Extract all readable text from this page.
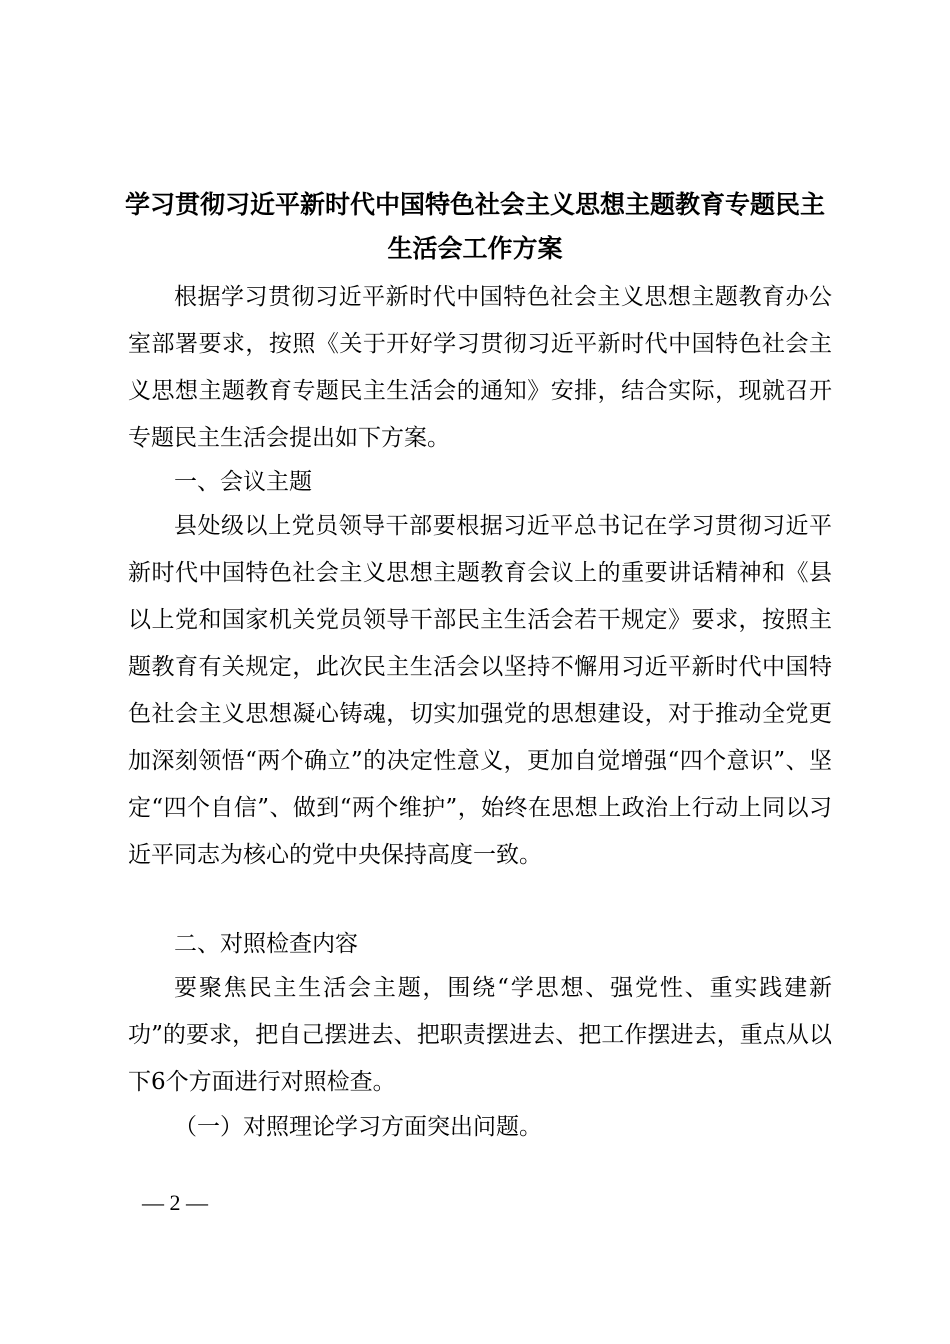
学习贯彻习近平新时代中国特色社会主义思想主题教育专题民主
生活会工作方案

根据学习贯彻习近平新时代中国特色社会主义思想主题教育办公室部署要求，按照《关于开好学习贯彻习近平新时代中国特色社会主义思想主题教育专题民主生活会的通知》安排，结合实际，现就召开专题民主生活会提出如下方案。

一、会议主题

县处级以上党员领导干部要根据习近平总书记在学习贯彻习近平新时代中国特色社会主义思想主题教育会议上的重要讲话精神和《县以上党和国家机关党员领导干部民主生活会若干规定》要求，按照主题教育有关规定，此次民主生活会以坚持不懈用习近平新时代中国特色社会主义思想凝心铸魂，切实加强党的思想建设，对于推动全党更加深刻领悟“两个确立”的决定性意义，更加自觉增强“四个意识”、坚定“四个自信”、做到“两个维护”，始终在思想上政治上行动上同以习近平同志为核心的党中央保持高度一致。

二、对照检查内容

要聚焦民主生活会主题，围绕“学思想、强党性、重实践建新功”的要求，把自己摆进去、把职责摆进去、把工作摆进去，重点从以下6个方面进行对照检查。

（一）对照理论学习方面突出问题。

— 2 —
